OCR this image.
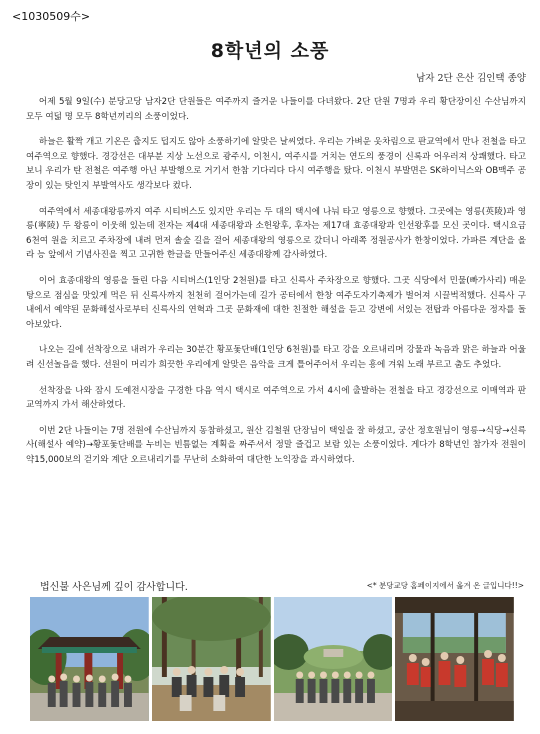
<1030509수>
8학년의 소풍
남자 2단 은산 김인택 종양

어제 5월 9일(수) 분당고당 남자2단 단원들은 여주까지 즐거운 나들이를 다녀왔다. 2단 단원 7명과 우리 황단장이신 수산님까지 모두 여덟 명 모두 8학년끼리의 소풍이었다.

하늘은 활짝 개고 기온은 춥지도 덥지도 않아 소풍하기에 알맞은 날씨였다. 우리는 가벼운 옷차림으로 판교역에서 만나 전철을 타고 여주역으로 향했다. 경강선은 대부분 지상 노선으로 광주시, 이천시, 여주시를 거치는 연도의 풍경이 신록과 어우러져 상쾌했다. 타고 보니 우리가 탄 전철은 여주행 아닌 부발행으로 거기서 한참 기다리다 다시 여주행을 탔다. 이천시 부발면은 SK하이닉스와 OB맥주 공장이 있는 탓인지 부발역사도 생각보다 컸다.

여주역에서 세종대왕릉까지 여주 시티버스도 있지만 우리는 두 대의 택시에 나눠 타고 영릉으로 향했다. 그곳에는 영릉(英陵)과 영릉(寧陵) 두 왕릉이 이웃해 있는데 전자는 제4대 세종대왕과 소헌왕후, 후자는 제17대 효종대왕과 인선왕후를 모신 곳이다. 택시요금 6천여 원을 치르고 주차장에 내려 먼저 솔숲 길을 걸어 세종대왕의 영릉으로 갔더니 아래쪽 정원공사가 한창이었다. 가파른 계단을 올라 능 앞에서 기념사진을 찍고 고귀한 한글을 만들어주신 세종대왕께 감사하였다.

이어 효종대왕의 영릉을 들린 다음 시티버스(1인당 2천원)를 타고 신륵사 주차장으로 향했다. 그곳 식당에서 민물(빠가사리) 매운탕으로 점심을 맛있게 먹은 뒤 신륵사까지 천천히 걸어가는데 길가 공터에서 한창 여주도자기축제가 벌어져 시끌벅적했다. 신륵사 구내에서 예약된 문화해설사로부터 신륵사의 연혁과 그곳 문화재에 대한 친절한 해설을 듣고 강변에 서있는 전탑과 아름다운 정자를 돌아보았다.

나오는 길에 선착장으로 내려가 우리는 30분간 황포돛단배(1인당 6천원)를 타고 강을 오르내리며 강물과 녹음과 맑은 하늘과 어울려 신선놀음을 했다. 선원이 머리가 희끗한 우리에게 알맞은 음악을 크게 틀어주어서 우리는 흥에 겨워 노래 부르고 춤도 추었다.

선착장을 나와 잠시 도예전시장을 구경한 다음 역시 택시로 여주역으로 가서 4시에 출발하는 전철을 타고 경강선으로 이매역과 판교역까지 가서 해산하였다.

이번 2단 나들이는 7명 전원에 수산님까지 동참하셨고, 원산 김철원 단장님이 택일을 잘 하셨고, 궁산 정호원님이 영릉→식당→신륵사(해설사 예약)→황포돛단배를 누비는 빈틈없는 계획을 짜주셔서 정말 즐겁고 보람 있는 소풍이었다. 게다가 8학년인 참가자 전원이 약15,000보의 걷기와 계단 오르내리기를 무난히 소화하여 대단한 노익장을 과시하였다.

법신불 사은님께 깊이 감사합니다.	<* 분당교당 홈페이지에서 옮겨 온 글입니다!!>
